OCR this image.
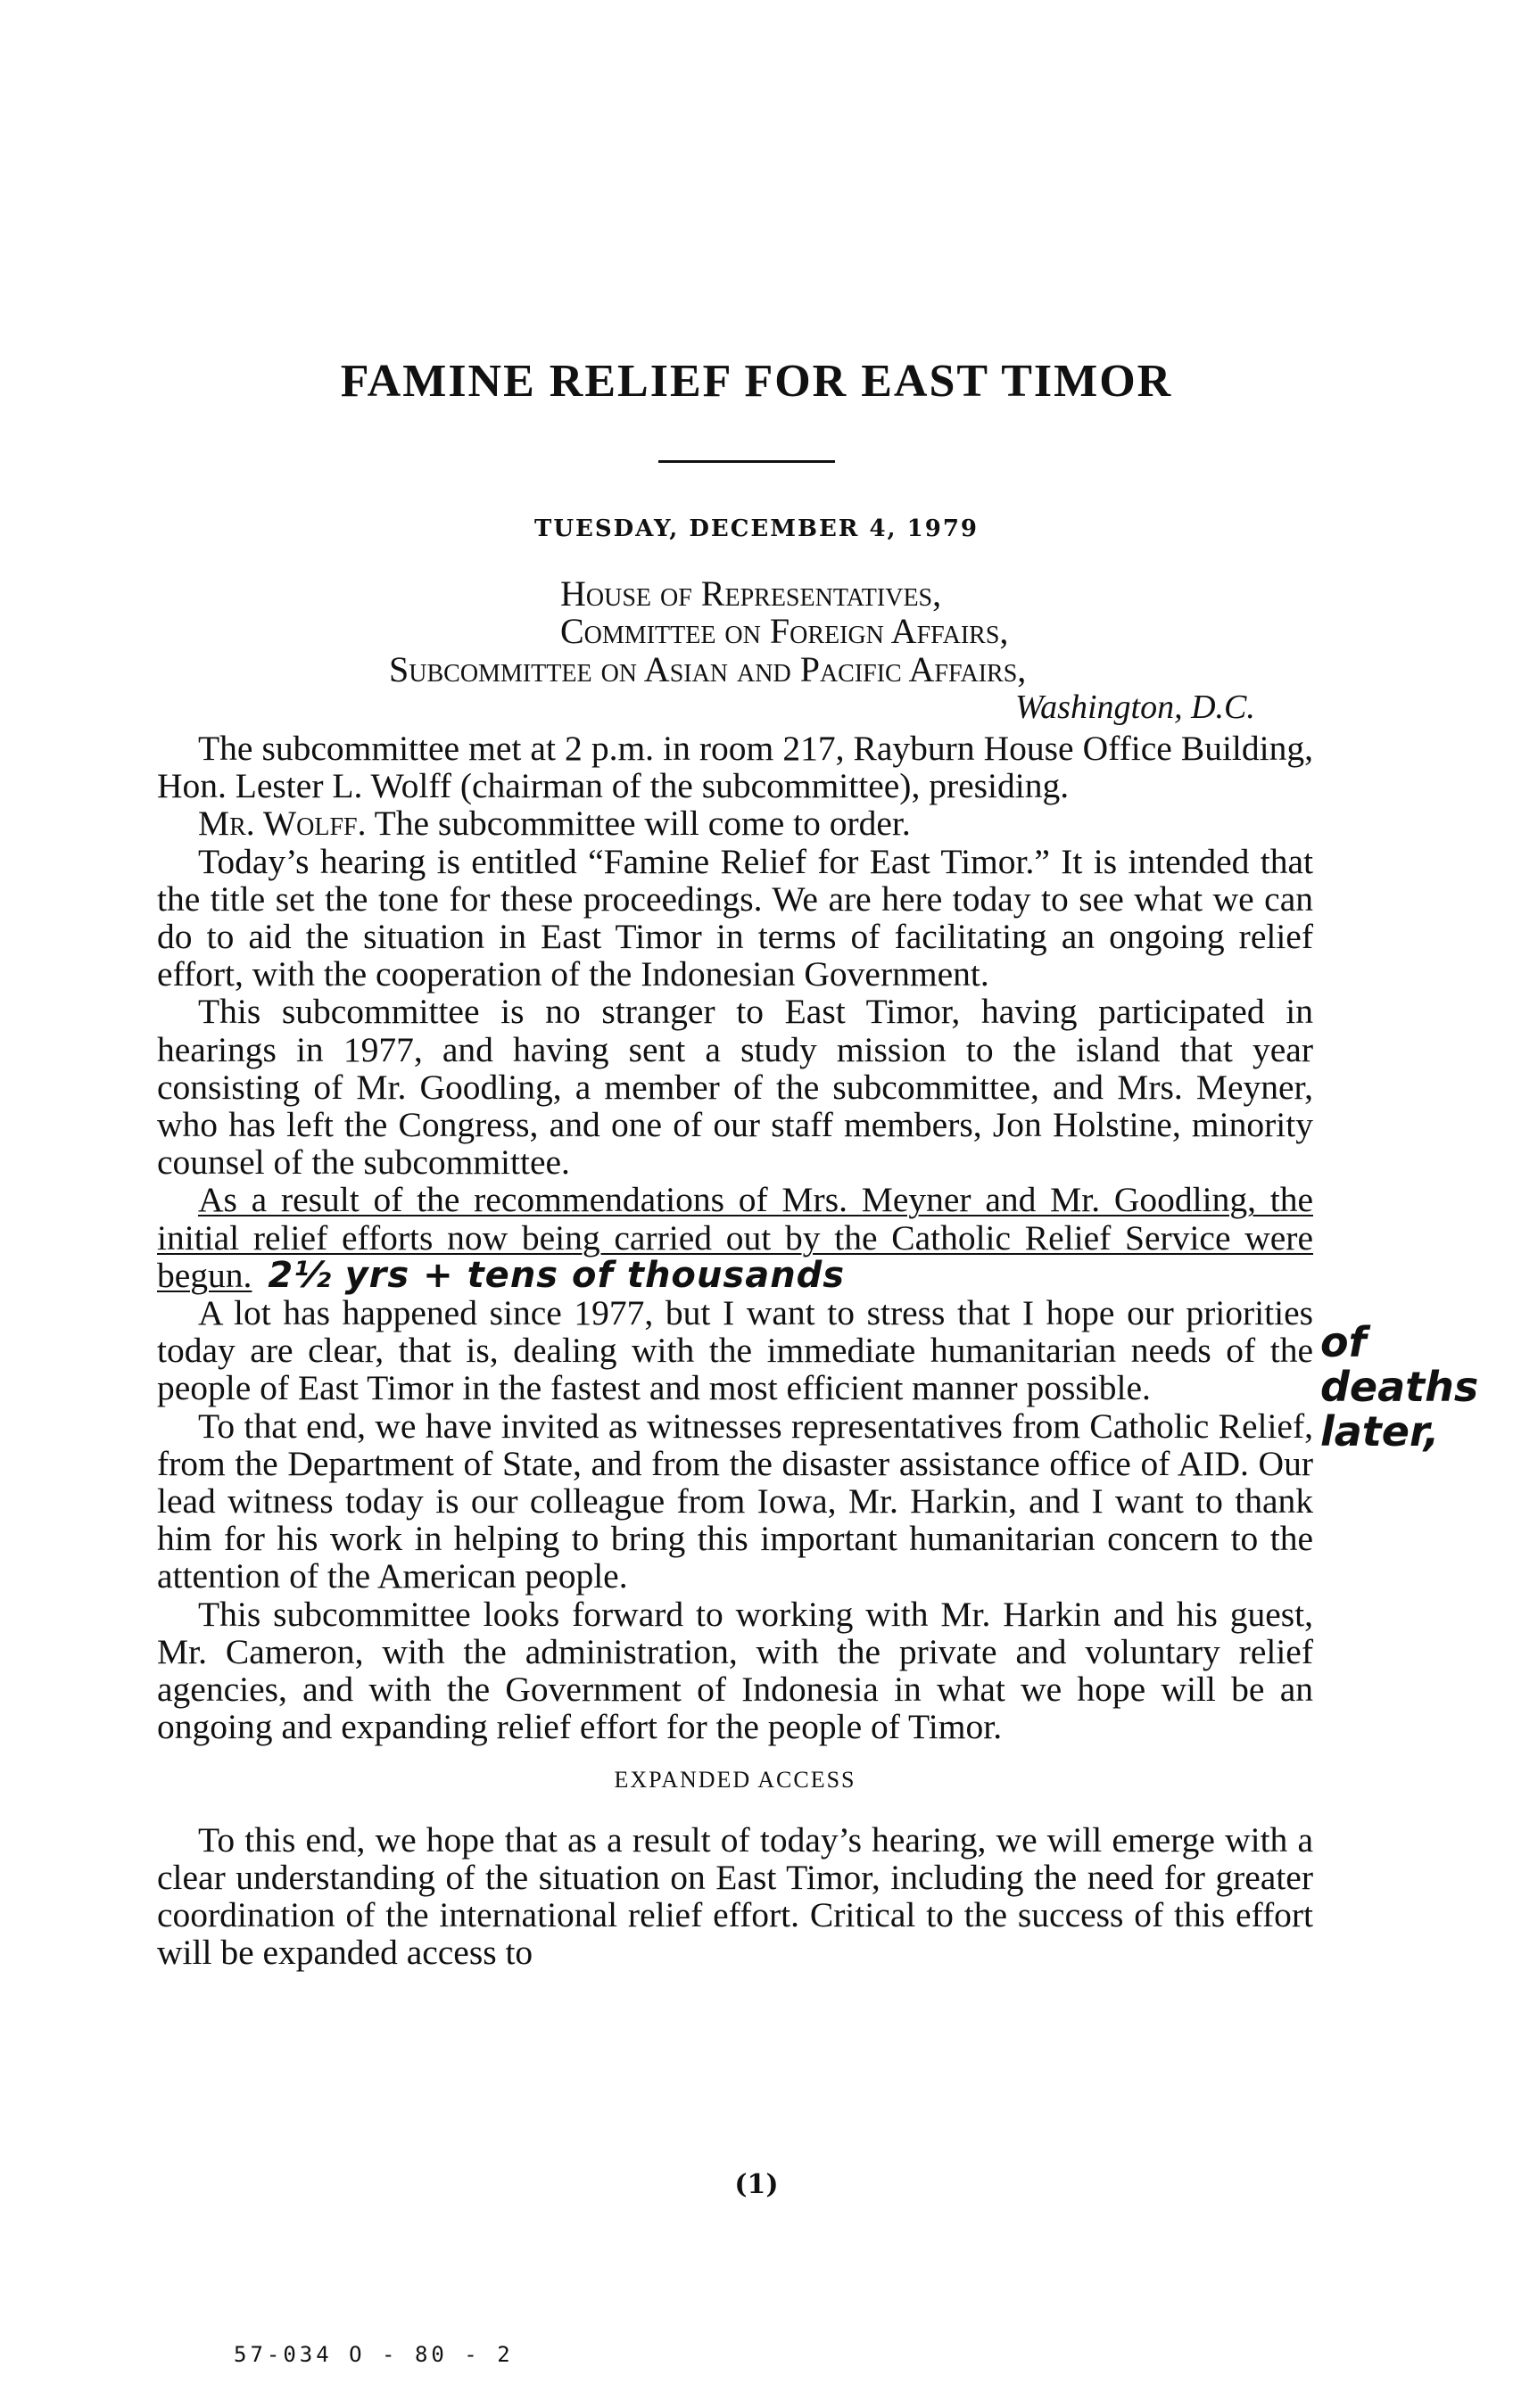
FAMINE RELIEF FOR EAST TIMOR
TUESDAY, DECEMBER 4, 1979
House of Representatives,
Committee on Foreign Affairs,
Subcommittee on Asian and Pacific Affairs,
Washington, D.C.

The subcommittee met at 2 p.m. in room 217, Rayburn House Office Building, Hon. Lester L. Wolff (chairman of the subcommittee), presiding.

Mr. Wolff. The subcommittee will come to order.

Today’s hearing is entitled “Famine Relief for East Timor.” It is intended that the title set the tone for these proceedings. We are here today to see what we can do to aid the situation in East Timor in terms of facilitating an ongoing relief effort, with the cooperation of the Indonesian Government.

This subcommittee is no stranger to East Timor, having participated in hearings in 1977, and having sent a study mission to the island that year consisting of Mr. Goodling, a member of the subcommittee, and Mrs. Meyner, who has left the Congress, and one of our staff members, Jon Holstine, minority counsel of the subcommittee.

As a result of the recommendations of Mrs. Meyner and Mr. Goodling, the initial relief efforts now being carried out by the Catholic Relief Service were begun. 2½ yrs + tens of thousands

A lot has happened since 1977, but I want to stress that I hope our priorities today are clear, that is, dealing with the immediate humanitarian needs of the people of East Timor in the fastest and most efficient manner possible.

To that end, we have invited as witnesses representatives from Catholic Relief, from the Department of State, and from the disaster assistance office of AID. Our lead witness today is our colleague from Iowa, Mr. Harkin, and I want to thank him for his work in helping to bring this important humanitarian concern to the attention of the American people.

This subcommittee looks forward to working with Mr. Harkin and his guest, Mr. Cameron, with the administration, with the private and voluntary relief agencies, and with the Government of Indonesia in what we hope will be an ongoing and expanding relief effort for the people of Timor.

EXPANDED ACCESS

To this end, we hope that as a result of today’s hearing, we will emerge with a clear understanding of the situation on East Timor, including the need for greater coordination of the international relief effort. Critical to the success of this effort will be expanded access to

of deaths later,
(1)
57-034 O - 80 - 2
